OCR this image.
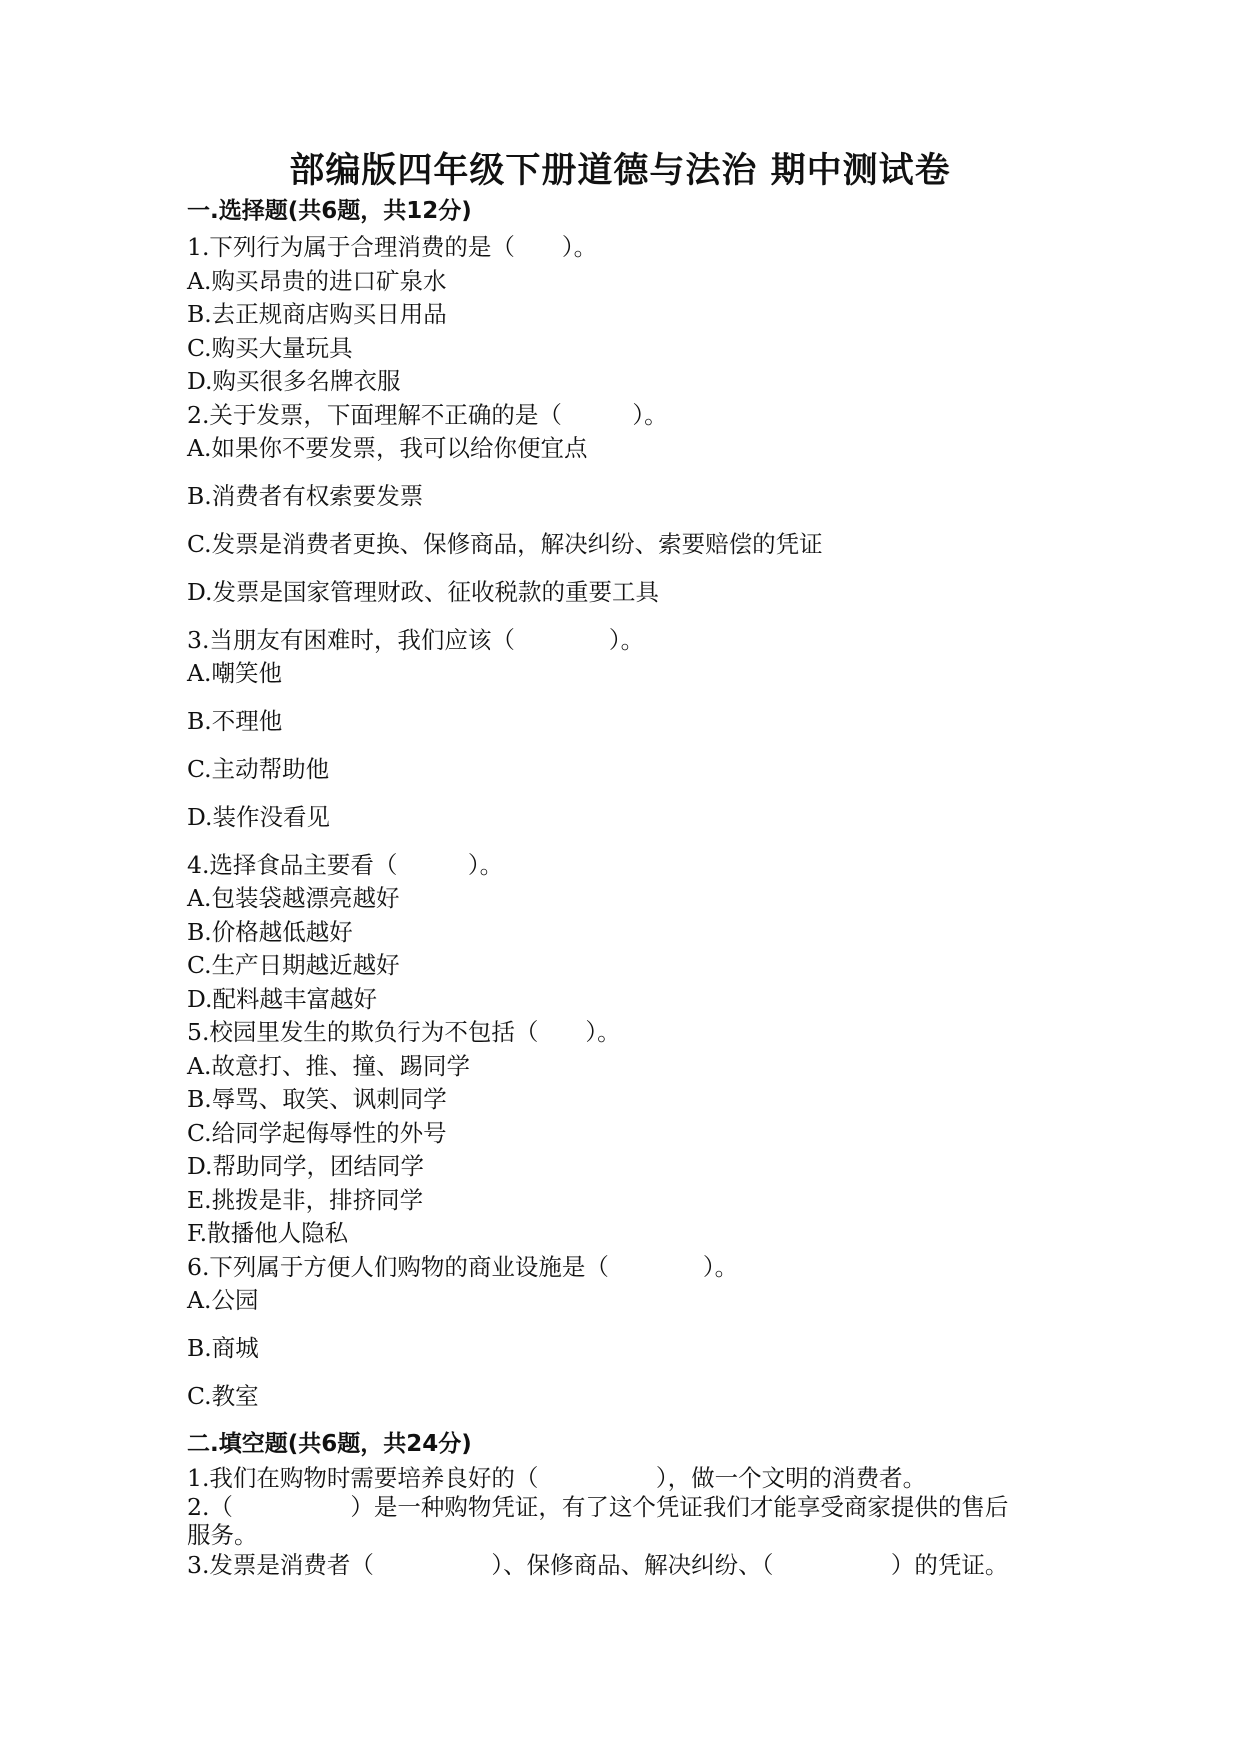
部编版四年级下册道德与法治 期中测试卷
一.选择题(共6题，共12分)
1.下列行为属于合理消费的是（　　）。
A.购买昂贵的进口矿泉水
B.去正规商店购买日用品
C.购买大量玩具
D.购买很多名牌衣服
2.关于发票，下面理解不正确的是（　　　）。
A.如果你不要发票，我可以给你便宜点
B.消费者有权索要发票
C.发票是消费者更换、保修商品，解决纠纷、索要赔偿的凭证
D.发票是国家管理财政、征收税款的重要工具
3.当朋友有困难时，我们应该（　　　　）。
A.嘲笑他
B.不理他
C.主动帮助他
D.装作没看见
4.选择食品主要看（　　　）。
A.包装袋越漂亮越好
B.价格越低越好
C.生产日期越近越好
D.配料越丰富越好
5.校园里发生的欺负行为不包括（　　）。
A.故意打、推、撞、踢同学
B.辱骂、取笑、讽刺同学
C.给同学起侮辱性的外号
D.帮助同学，团结同学
E.挑拨是非，排挤同学
F.散播他人隐私
6.下列属于方便人们购物的商业设施是（　　　　）。
A.公园
B.商城
C.教室
二.填空题(共6题，共24分)
1.我们在购物时需要培养良好的（　　　　　），做一个文明的消费者。
2.（　　　　　）是一种购物凭证，有了这个凭证我们才能享受商家提供的售后
服务。
3.发票是消费者（　　　　　）、保修商品、解决纠纷、（　　　　　）的凭证。
